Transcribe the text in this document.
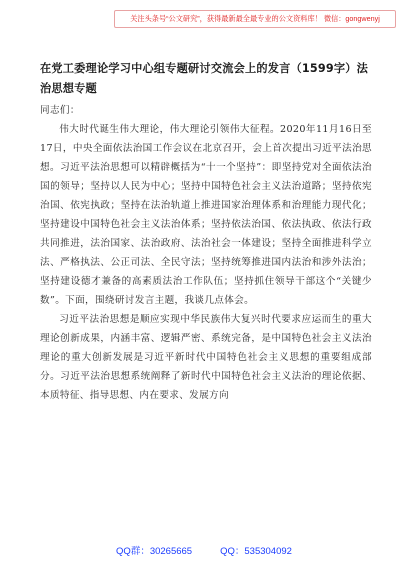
关注头条号“公文研究”，获得最新最全最专业的公文资料库！ 微信：gongwenyj
在党工委理论学习中心组专题研讨交流会上的发言（1599字）法治思想专题

同志们：

伟大时代诞生伟大理论，伟大理论引领伟大征程。2020年11月16日至17日，中央全面依法治国工作会议在北京召开，会上首次提出习近平法治思想。习近平法治思想可以精辟概括为“十一个坚持”：即坚持党对全面依法治国的领导；坚持以人民为中心；坚持中国特色社会主义法治道路；坚持依宪治国、依宪执政；坚持在法治轨道上推进国家治理体系和治理能力现代化；坚持建设中国特色社会主义法治体系；坚持依法治国、依法执政、依法行政共同推进，法治国家、法治政府、法治社会一体建设；坚持全面推进科学立法、严格执法、公正司法、全民守法；坚持统筹推进国内法治和涉外法治；坚持建设德才兼备的高素质法治工作队伍；坚持抓住领导干部这个“关键少数”。下面，围绕研讨发言主题，我谈几点体会。

习近平法治思想是顺应实现中华民族伟大复兴时代要求应运而生的重大理论创新成果，内涵丰富、逻辑严密、系统完备，是中国特色社会主义法治理论的重大创新发展是习近平新时代中国特色社会主义思想的重要组成部分。习近平法治思想系统阐释了新时代中国特色社会主义法治的理论依据、本质特征、指导思想、内在要求、发展方向

QQ群：30265665	QQ：535304092
